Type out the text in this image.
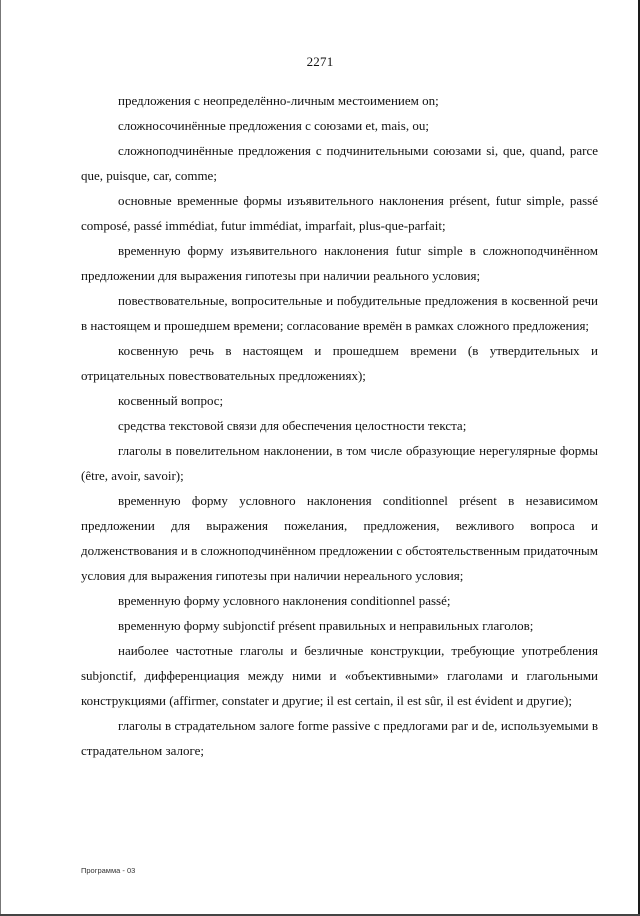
2271

предложения с неопределённо-личным местоимением on;

сложносочинённые предложения с союзами et, mais, ou;

сложноподчинённые предложения с подчинительными союзами si, que, quand, parce que, puisque, car, comme;

основные временные формы изъявительного наклонения présent, futur simple, passé composé, passé immédiat, futur immédiat, imparfait, plus-que-parfait;

временную форму изъявительного наклонения futur simple в сложноподчинённом предложении для выражения гипотезы при наличии реального условия;

повествовательные, вопросительные и побудительные предложения в косвенной речи в настоящем и прошедшем времени; согласование времён в рамках сложного предложения;

косвенную речь в настоящем и прошедшем времени (в утвердительных и отрицательных повествовательных предложениях);

косвенный вопрос;

средства текстовой связи для обеспечения целостности текста;

глаголы в повелительном наклонении, в том числе образующие нерегулярные формы (être, avoir, savoir);

временную форму условного наклонения conditionnel présent в независимом предложении для выражения пожелания, предложения, вежливого вопроса и долженствования и в сложноподчинённом предложении с обстоятельственным придаточным условия для выражения гипотезы при наличии нереального условия;

временную форму условного наклонения conditionnel passé;

временную форму subjonctif présent правильных и неправильных глаголов;

наиболее частотные глаголы и безличные конструкции, требующие употребления subjonctif, дифференциация между ними и «объективными» глаголами и глагольными конструкциями (affirmer, constater и другие; il est certain, il est sûr, il est évident и другие);

глаголы в страдательном залоге forme passive с предлогами par и de, используемыми в страдательном залоге;

Программа - 03
